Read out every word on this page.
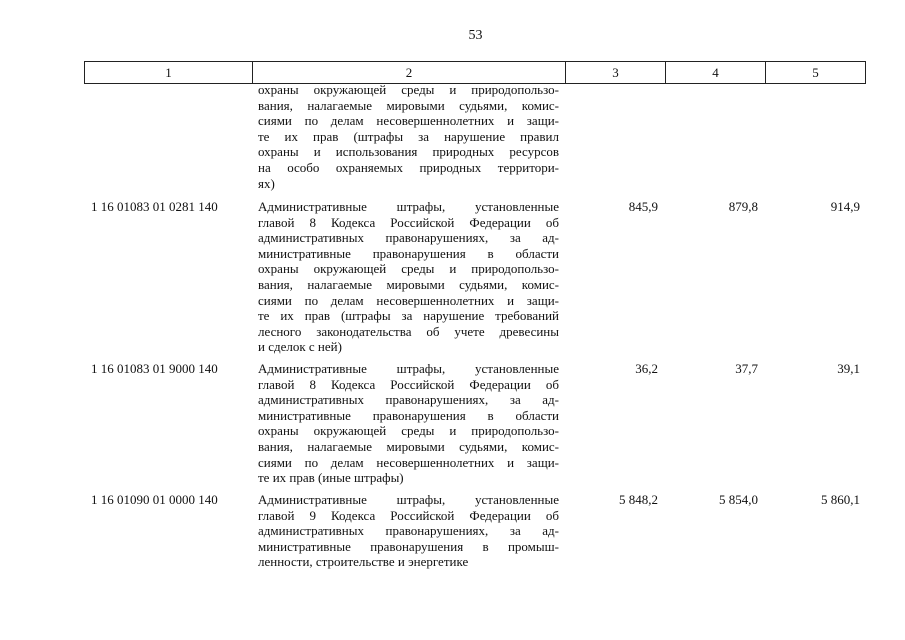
53
1	2	3	4	5
охраны окружающей среды и природопользо-
вания, налагаемые мировыми судьями, комис-
сиями по делам несовершеннолетних и защи-
те их прав (штрафы за нарушение правил
охраны и использования природных ресурсов
на особо охраняемых природных территори-
ях)
1 16 01083 01 0281 140	Административные штрафы, установленные
главой 8 Кодекса Российской Федерации об
административных правонарушениях, за ад-
министративные правонарушения в области
охраны окружающей среды и природопользо-
вания, налагаемые мировыми судьями, комис-
сиями по делам несовершеннолетних и защи-
те их прав (штрафы за нарушение требований
лесного законодательства об учете древесины
и сделок с ней)
845,9	879,8	914,9
1 16 01083 01 9000 140	Административные штрафы, установленные
главой 8 Кодекса Российской Федерации об
административных правонарушениях, за ад-
министративные правонарушения в области
охраны окружающей среды и природопользо-
вания, налагаемые мировыми судьями, комис-
сиями по делам несовершеннолетних и защи-
те их прав (иные штрафы)
36,2	37,7	39,1
1 16 01090 01 0000 140	Административные штрафы, установленные
главой 9 Кодекса Российской Федерации об
административных правонарушениях, за ад-
министративные правонарушения в промыш-
ленности, строительстве и энергетике
5 848,2	5 854,0	5 860,1
